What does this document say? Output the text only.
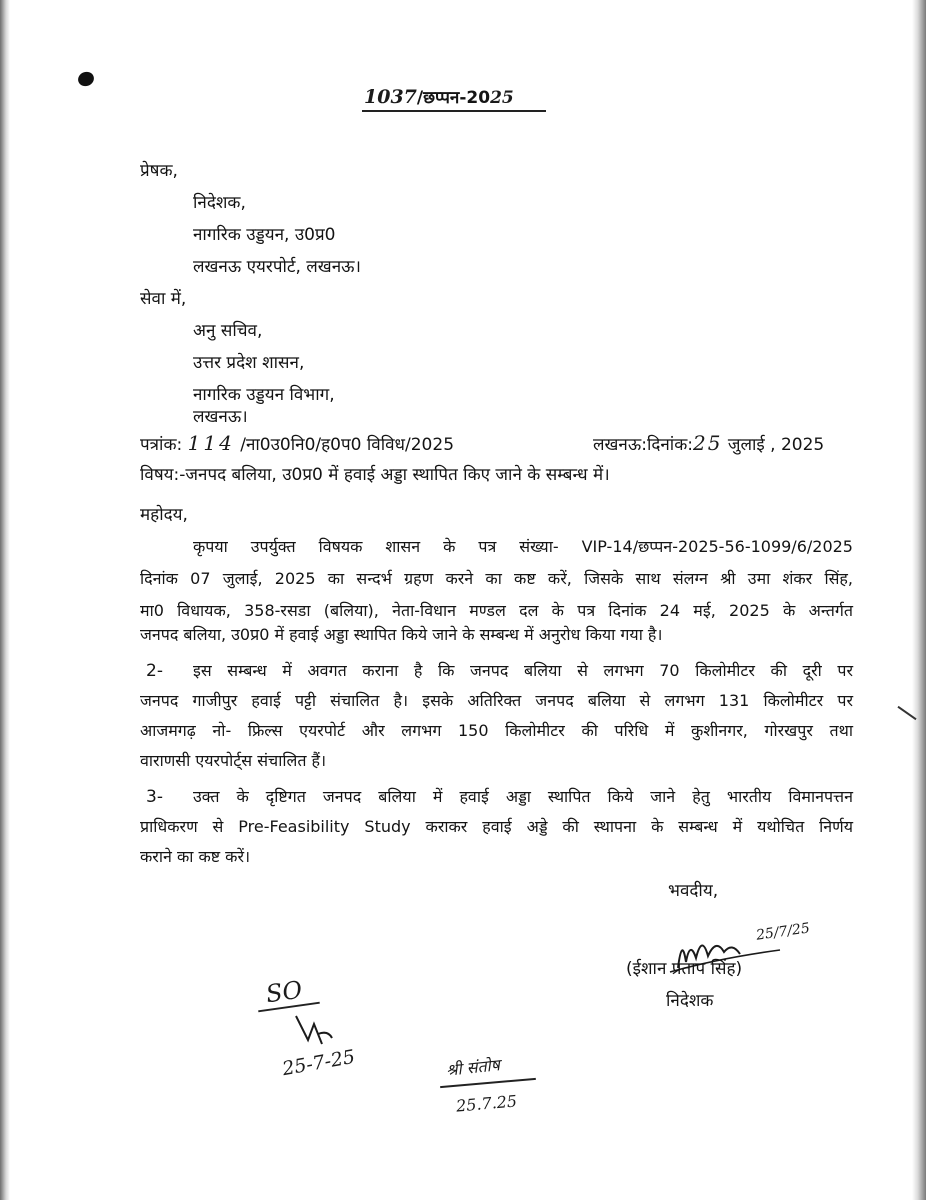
1037/छप्पन-2025
प्रेषक,
निदेशक,
नागरिक उड्डयन, उ0प्र0
लखनऊ एयरपोर्ट, लखनऊ।
सेवा में,
अनु सचिव,
उत्तर प्रदेश शासन,
नागरिक उड्डयन विभाग,
लखनऊ।
पत्रांक: 114 /ना0उ0नि0/ह0प0 विविध/2025	लखनऊ:दिनांक:25 जुलाई , 2025
विषय:-जनपद बलिया, उ0प्र0 में हवाई अड्डा स्थापित किए जाने के सम्बन्ध में।
महोदय,
कृपया उपर्युक्त विषयक शासन के पत्र संख्या- VIP-14/छप्पन-2025-56-1099/6/2025
दिनांक 07 जुलाई, 2025 का सन्दर्भ ग्रहण करने का कष्ट करें, जिसके साथ संलग्न श्री उमा शंकर सिंह,
मा0 विधायक, 358-रसडा (बलिया), नेता-विधान मण्डल दल के पत्र दिनांक 24 मई, 2025 के अन्तर्गत
जनपद बलिया, उ0प्र0 में हवाई अड्डा स्थापित किये जाने के सम्बन्ध में अनुरोध किया गया है।
2- इस सम्बन्ध में अवगत कराना है कि जनपद बलिया से लगभग 70 किलोमीटर की दूरी पर
जनपद गाजीपुर हवाई पट्टी संचालित है। इसके अतिरिक्त जनपद बलिया से लगभग 131 किलोमीटर पर
आजमगढ़ नो- फ्रिल्स एयरपोर्ट और लगभग 150 किलोमीटर की परिधि में कुशीनगर, गोरखपुर तथा
वाराणसी एयरपोर्ट्स संचालित हैं।
3- उक्त के दृष्टिगत जनपद बलिया में हवाई अड्डा स्थापित किये जाने हेतु भारतीय विमानपत्तन
प्राधिकरण से Pre-Feasibility Study कराकर हवाई अड्डे की स्थापना के सम्बन्ध में यथोचित निर्णय
कराने का कष्ट करें।
भवदीय,
25/7/25
(ईशान प्रताप सिंह)
निदेशक
SO
25-7-25	श्री संतोष
25.7.25
